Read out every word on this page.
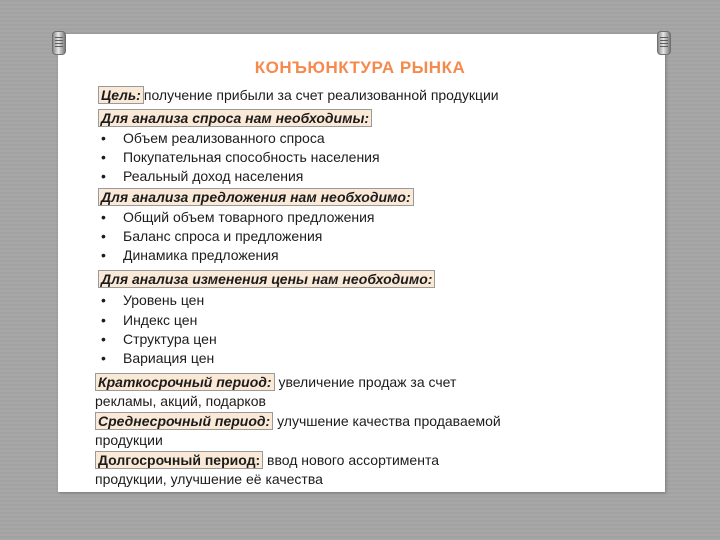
КОНЪЮНКТУРА РЫНКА
Цель: получение прибыли за счет реализованной продукции
Для анализа спроса нам необходимы:
• Объем реализованного спроса
• Покупательная способность населения
• Реальный доход населения
Для анализа предложения нам необходимо:
• Общий объем товарного предложения
• Баланс спроса и предложения
• Динамика предложения
Для анализа изменения цены нам необходимо:
• Уровень цен
• Индекс цен
• Структура цен
• Вариация цен
Краткосрочный период: увеличение продаж за счет
рекламы, акций, подарков
Среднесрочный период: улучшение качества продаваемой
продукции
Долгосрочный период: ввод нового ассортимента
продукции, улучшение её качества
